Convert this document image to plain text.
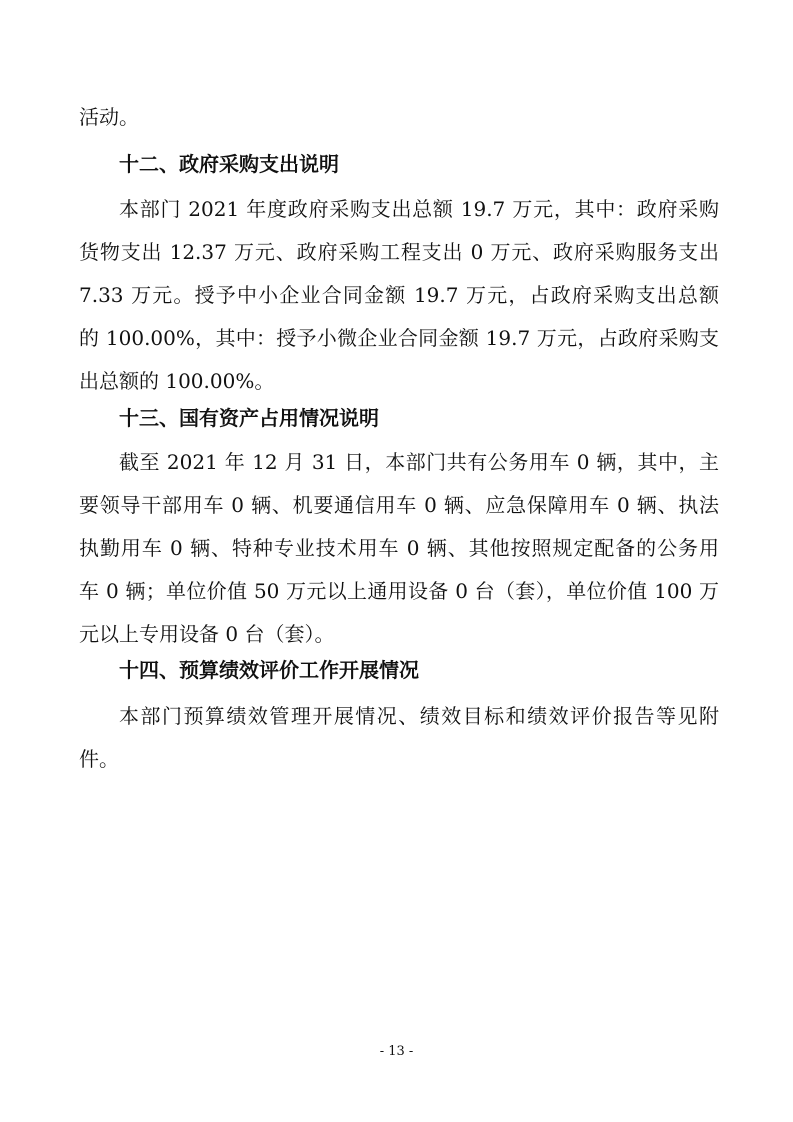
活动。
十二、政府采购支出说明
本部门 2021 年度政府采购支出总额 19.7 万元，其中：政府采购
货物支出 12.37 万元、政府采购工程支出 0 万元、政府采购服务支出
7.33 万元。授予中小企业合同金额 19.7 万元，占政府采购支出总额
的 100.00%，其中：授予小微企业合同金额 19.7 万元，占政府采购支
出总额的 100.00%。
十三、国有资产占用情况说明
截至 2021 年 12 月 31 日，本部门共有公务用车 0 辆，其中，主
要领导干部用车 0 辆、机要通信用车 0 辆、应急保障用车 0 辆、执法
执勤用车 0 辆、特种专业技术用车 0 辆、其他按照规定配备的公务用
车 0 辆；单位价值 50 万元以上通用设备 0 台（套），单位价值 100 万
元以上专用设备 0 台（套）。
十四、预算绩效评价工作开展情况
本部门预算绩效管理开展情况、绩效目标和绩效评价报告等见附
件。
- 13 -
